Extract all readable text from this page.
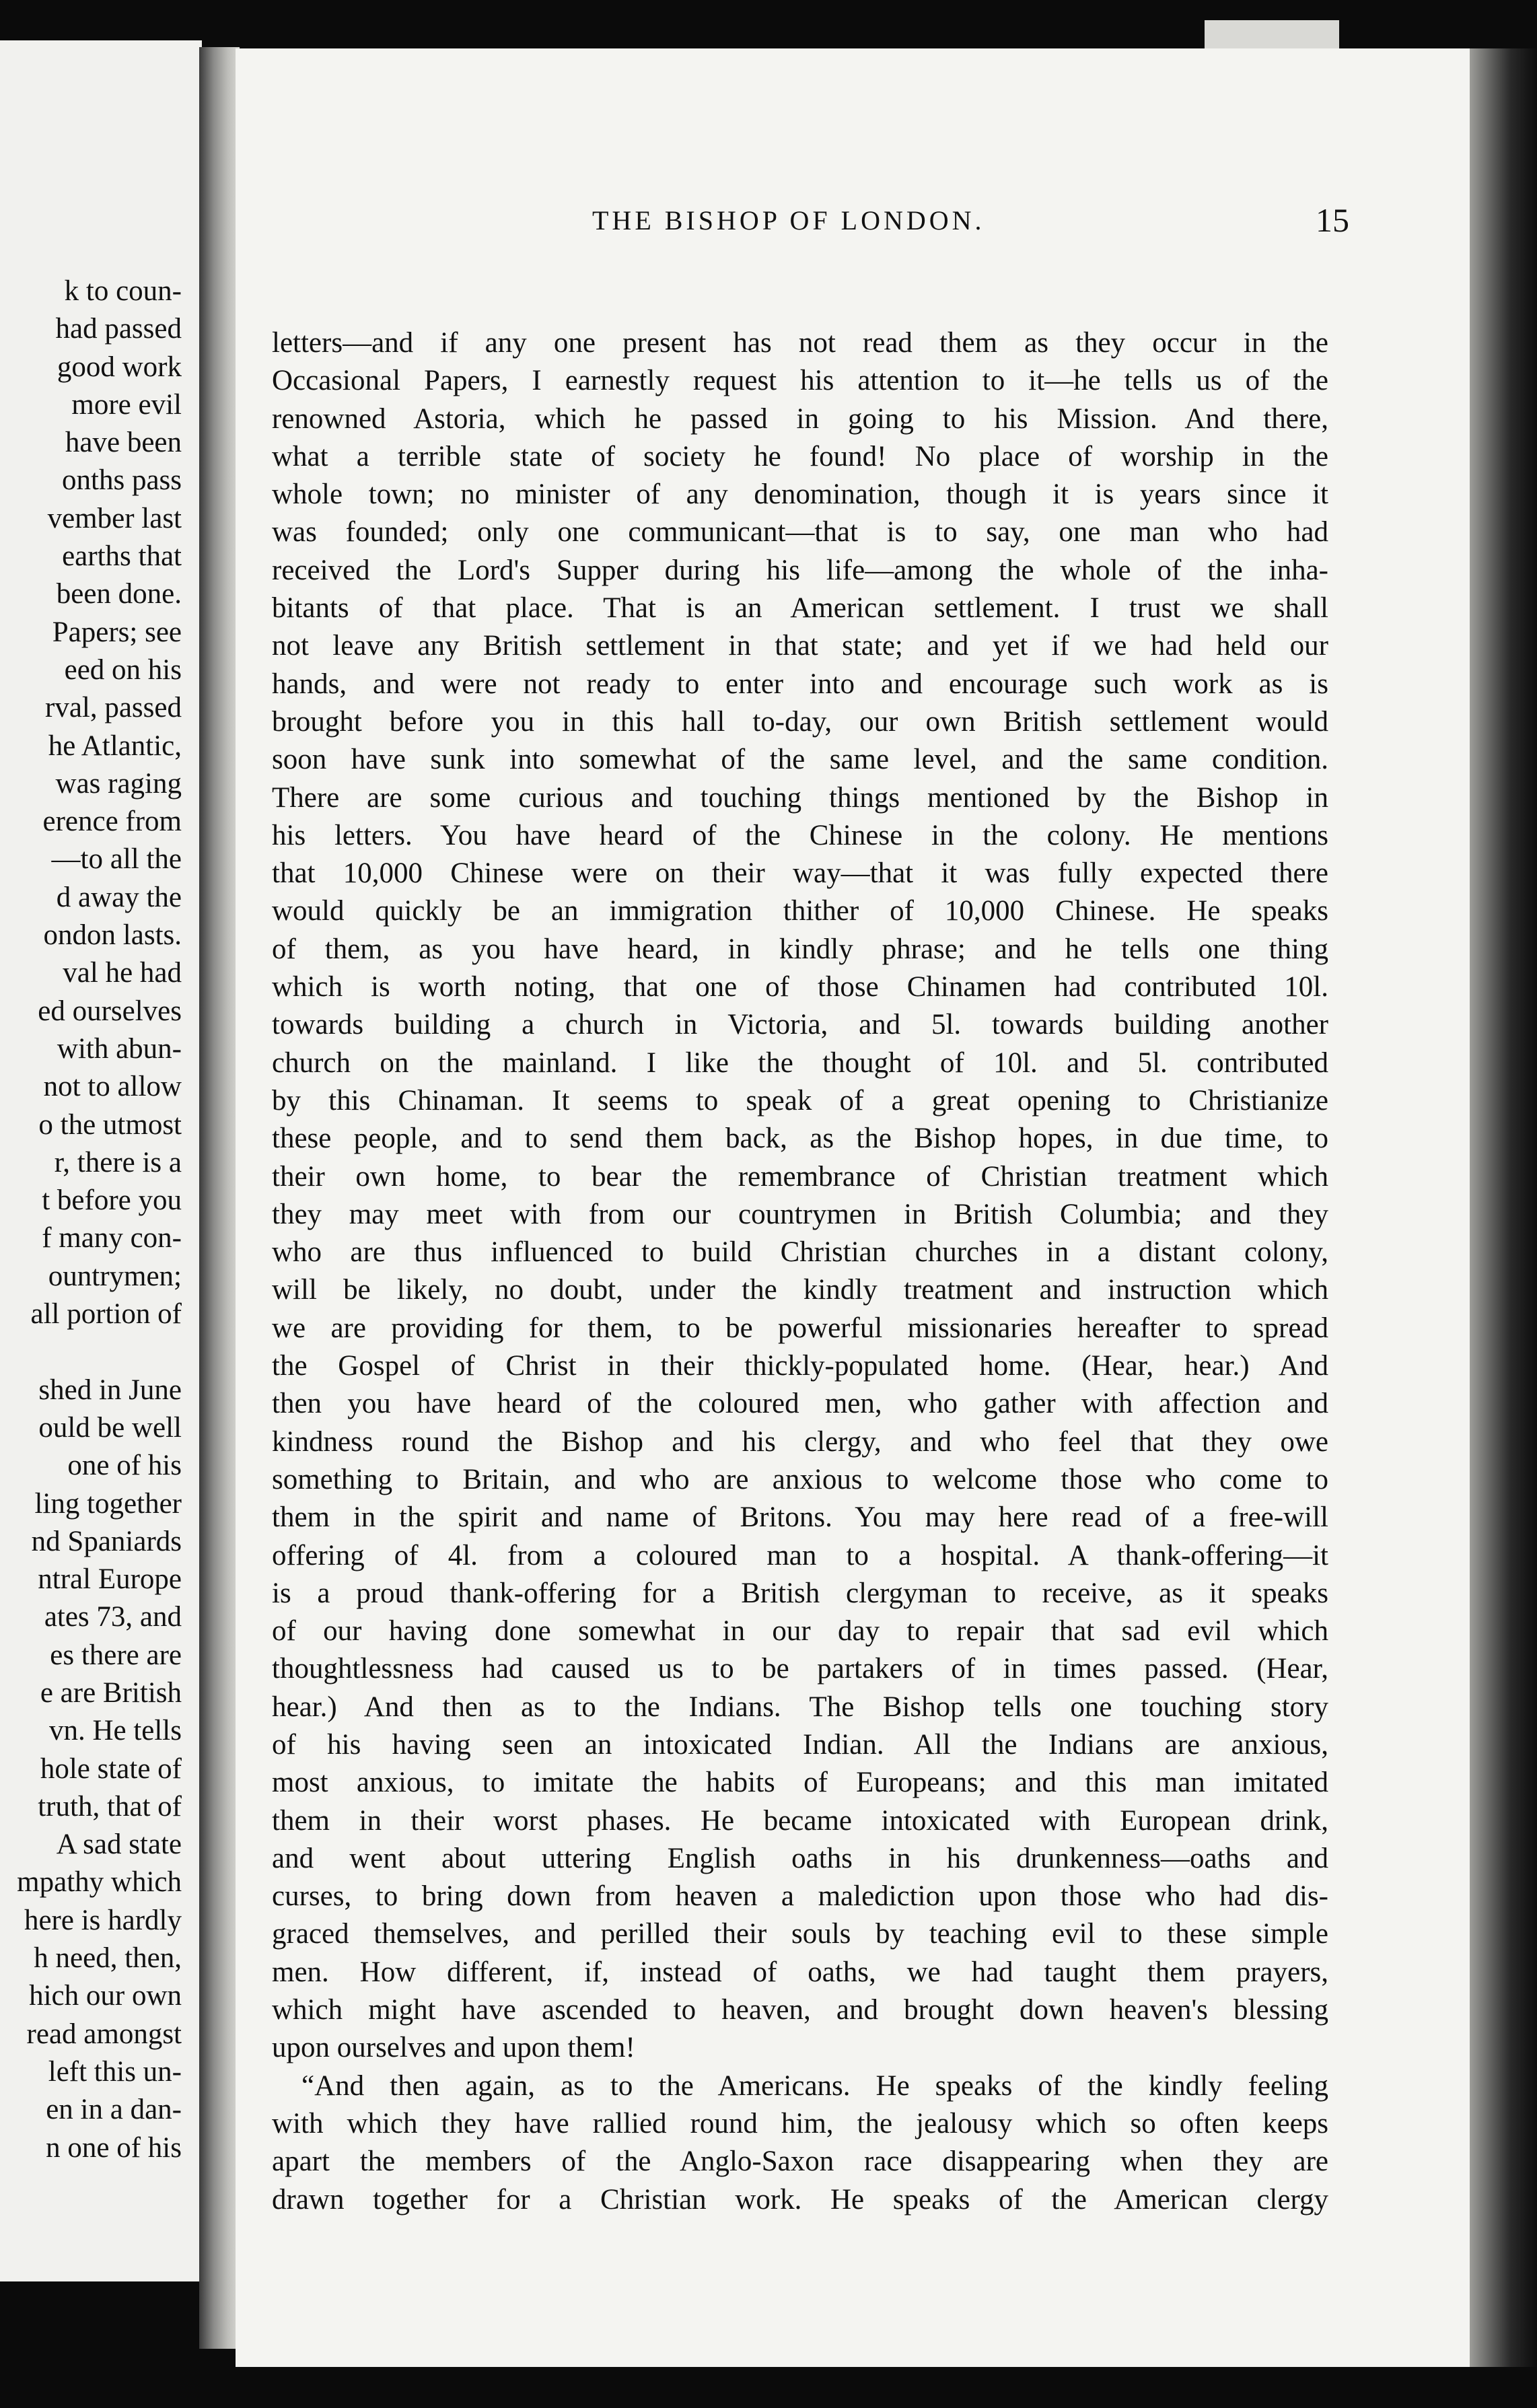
k to coun-
had passed
good work
more evil
have been
onths pass
vember last
earths that
been done.
Papers; see
eed on his
rval, passed
he Atlantic,
was raging
erence from
—to all the
d away the
ondon lasts.
val he had
ed ourselves
with abun-
not to allow
o the utmost
r, there is a
t before you
f many con-
ountrymen;
all portion of
shed in June
ould be well
one of his
ling together
nd Spaniards
ntral Europe
ates 73, and
es there are
e are British
vn. He tells
hole state of
truth, that of
A sad state
mpathy which
here is hardly
h need, then,
hich our own
read amongst
left this un-
en in a dan-
n one of his
THE BISHOP OF LONDON.	15
letters—and if any one present has not read them as they occur in the
Occasional Papers, I earnestly request his attention to it—he tells us of the
renowned Astoria, which he passed in going to his Mission. And there,
what a terrible state of society he found! No place of worship in the
whole town; no minister of any denomination, though it is years since it
was founded; only one communicant—that is to say, one man who had
received the Lord's Supper during his life—among the whole of the inha-
bitants of that place. That is an American settlement. I trust we shall
not leave any British settlement in that state; and yet if we had held our
hands, and were not ready to enter into and encourage such work as is
brought before you in this hall to-day, our own British settlement would
soon have sunk into somewhat of the same level, and the same condition.
There are some curious and touching things mentioned by the Bishop in
his letters. You have heard of the Chinese in the colony. He mentions
that 10,000 Chinese were on their way—that it was fully expected there
would quickly be an immigration thither of 10,000 Chinese. He speaks
of them, as you have heard, in kindly phrase; and he tells one thing
which is worth noting, that one of those Chinamen had contributed 10l.
towards building a church in Victoria, and 5l. towards building another
church on the mainland. I like the thought of 10l. and 5l. contributed
by this Chinaman. It seems to speak of a great opening to Christianize
these people, and to send them back, as the Bishop hopes, in due time, to
their own home, to bear the remembrance of Christian treatment which
they may meet with from our countrymen in British Columbia; and they
who are thus influenced to build Christian churches in a distant colony,
will be likely, no doubt, under the kindly treatment and instruction which
we are providing for them, to be powerful missionaries hereafter to spread
the Gospel of Christ in their thickly-populated home. (Hear, hear.) And
then you have heard of the coloured men, who gather with affection and
kindness round the Bishop and his clergy, and who feel that they owe
something to Britain, and who are anxious to welcome those who come to
them in the spirit and name of Britons. You may here read of a free-will
offering of 4l. from a coloured man to a hospital. A thank-offering—it
is a proud thank-offering for a British clergyman to receive, as it speaks
of our having done somewhat in our day to repair that sad evil which
thoughtlessness had caused us to be partakers of in times passed. (Hear,
hear.) And then as to the Indians. The Bishop tells one touching story
of his having seen an intoxicated Indian. All the Indians are anxious,
most anxious, to imitate the habits of Europeans; and this man imitated
them in their worst phases. He became intoxicated with European drink,
and went about uttering English oaths in his drunkenness—oaths and
curses, to bring down from heaven a malediction upon those who had dis-
graced themselves, and perilled their souls by teaching evil to these simple
men. How different, if, instead of oaths, we had taught them prayers,
which might have ascended to heaven, and brought down heaven's blessing
upon ourselves and upon them!
“And then again, as to the Americans. He speaks of the kindly feeling
with which they have rallied round him, the jealousy which so often keeps
apart the members of the Anglo-Saxon race disappearing when they are
drawn together for a Christian work. He speaks of the American clergy
